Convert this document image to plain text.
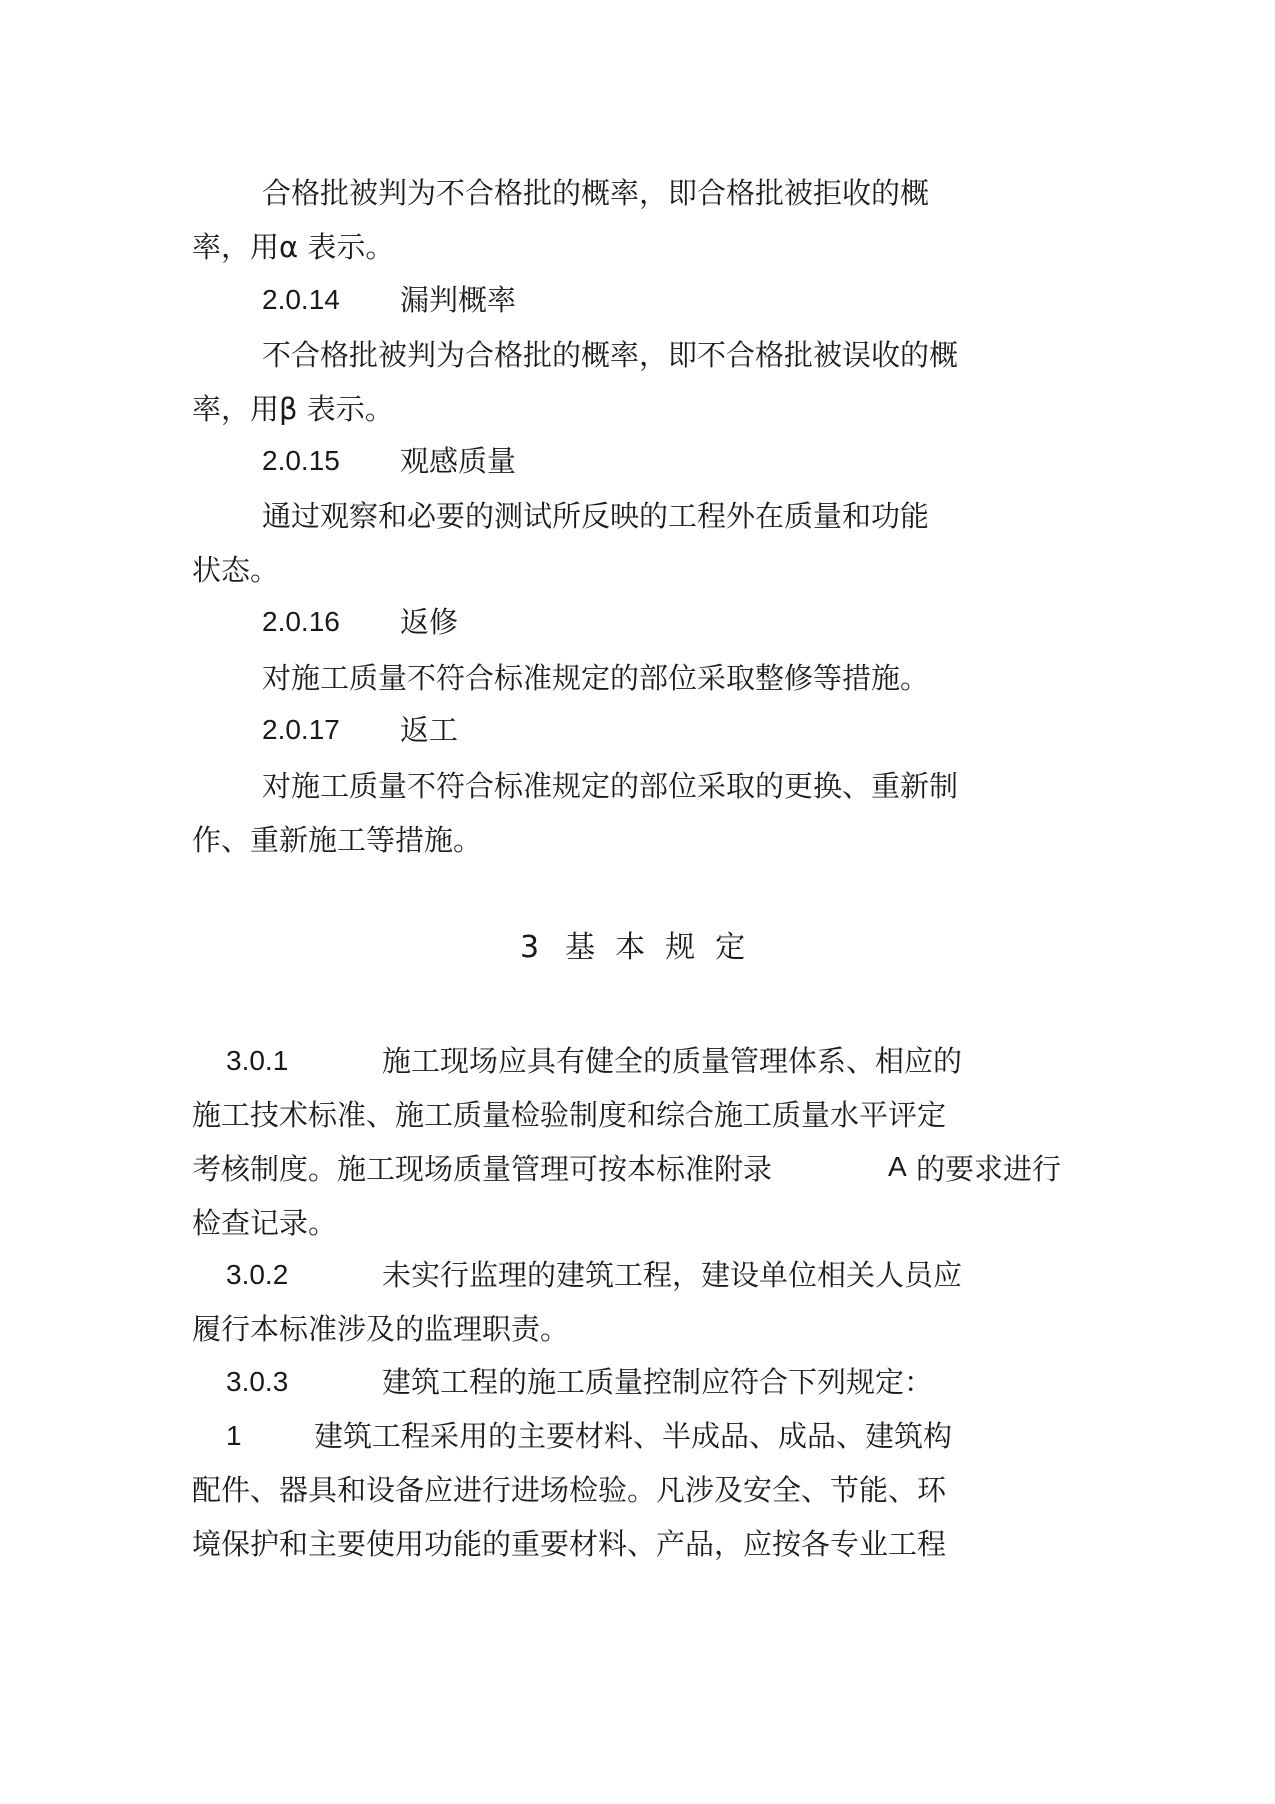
合格批被判为不合格批的概率，即合格批被拒收的概
率，用α 表示。
2.0.14 漏判概率
不合格批被判为合格批的概率，即不合格批被误收的概
率，用β 表示。
2.0.15 观感质量
通过观察和必要的测试所反映的工程外在质量和功能
状态。
2.0.16 返修
对施工质量不符合标准规定的部位采取整修等措施。
2.0.17 返工
对施工质量不符合标准规定的部位采取的更换、重新制
作、重新施工等措施。
3 基 本 规 定
3.0.1	施工现场应具有健全的质量管理体系、相应的
施工技术标准、施工质量检验制度和综合施工质量水平评定
考核制度。施工现场质量管理可按本标准附录	A 的要求进行
检查记录。
3.0.2	未实行监理的建筑工程，建设单位相关人员应
履行本标准涉及的监理职责。
3.0.3	建筑工程的施工质量控制应符合下列规定：
1 建筑工程采用的主要材料、半成品、成品、建筑构
配件、器具和设备应进行进场检验。凡涉及安全、节能、环
境保护和主要使用功能的重要材料、产品，应按各专业工程
